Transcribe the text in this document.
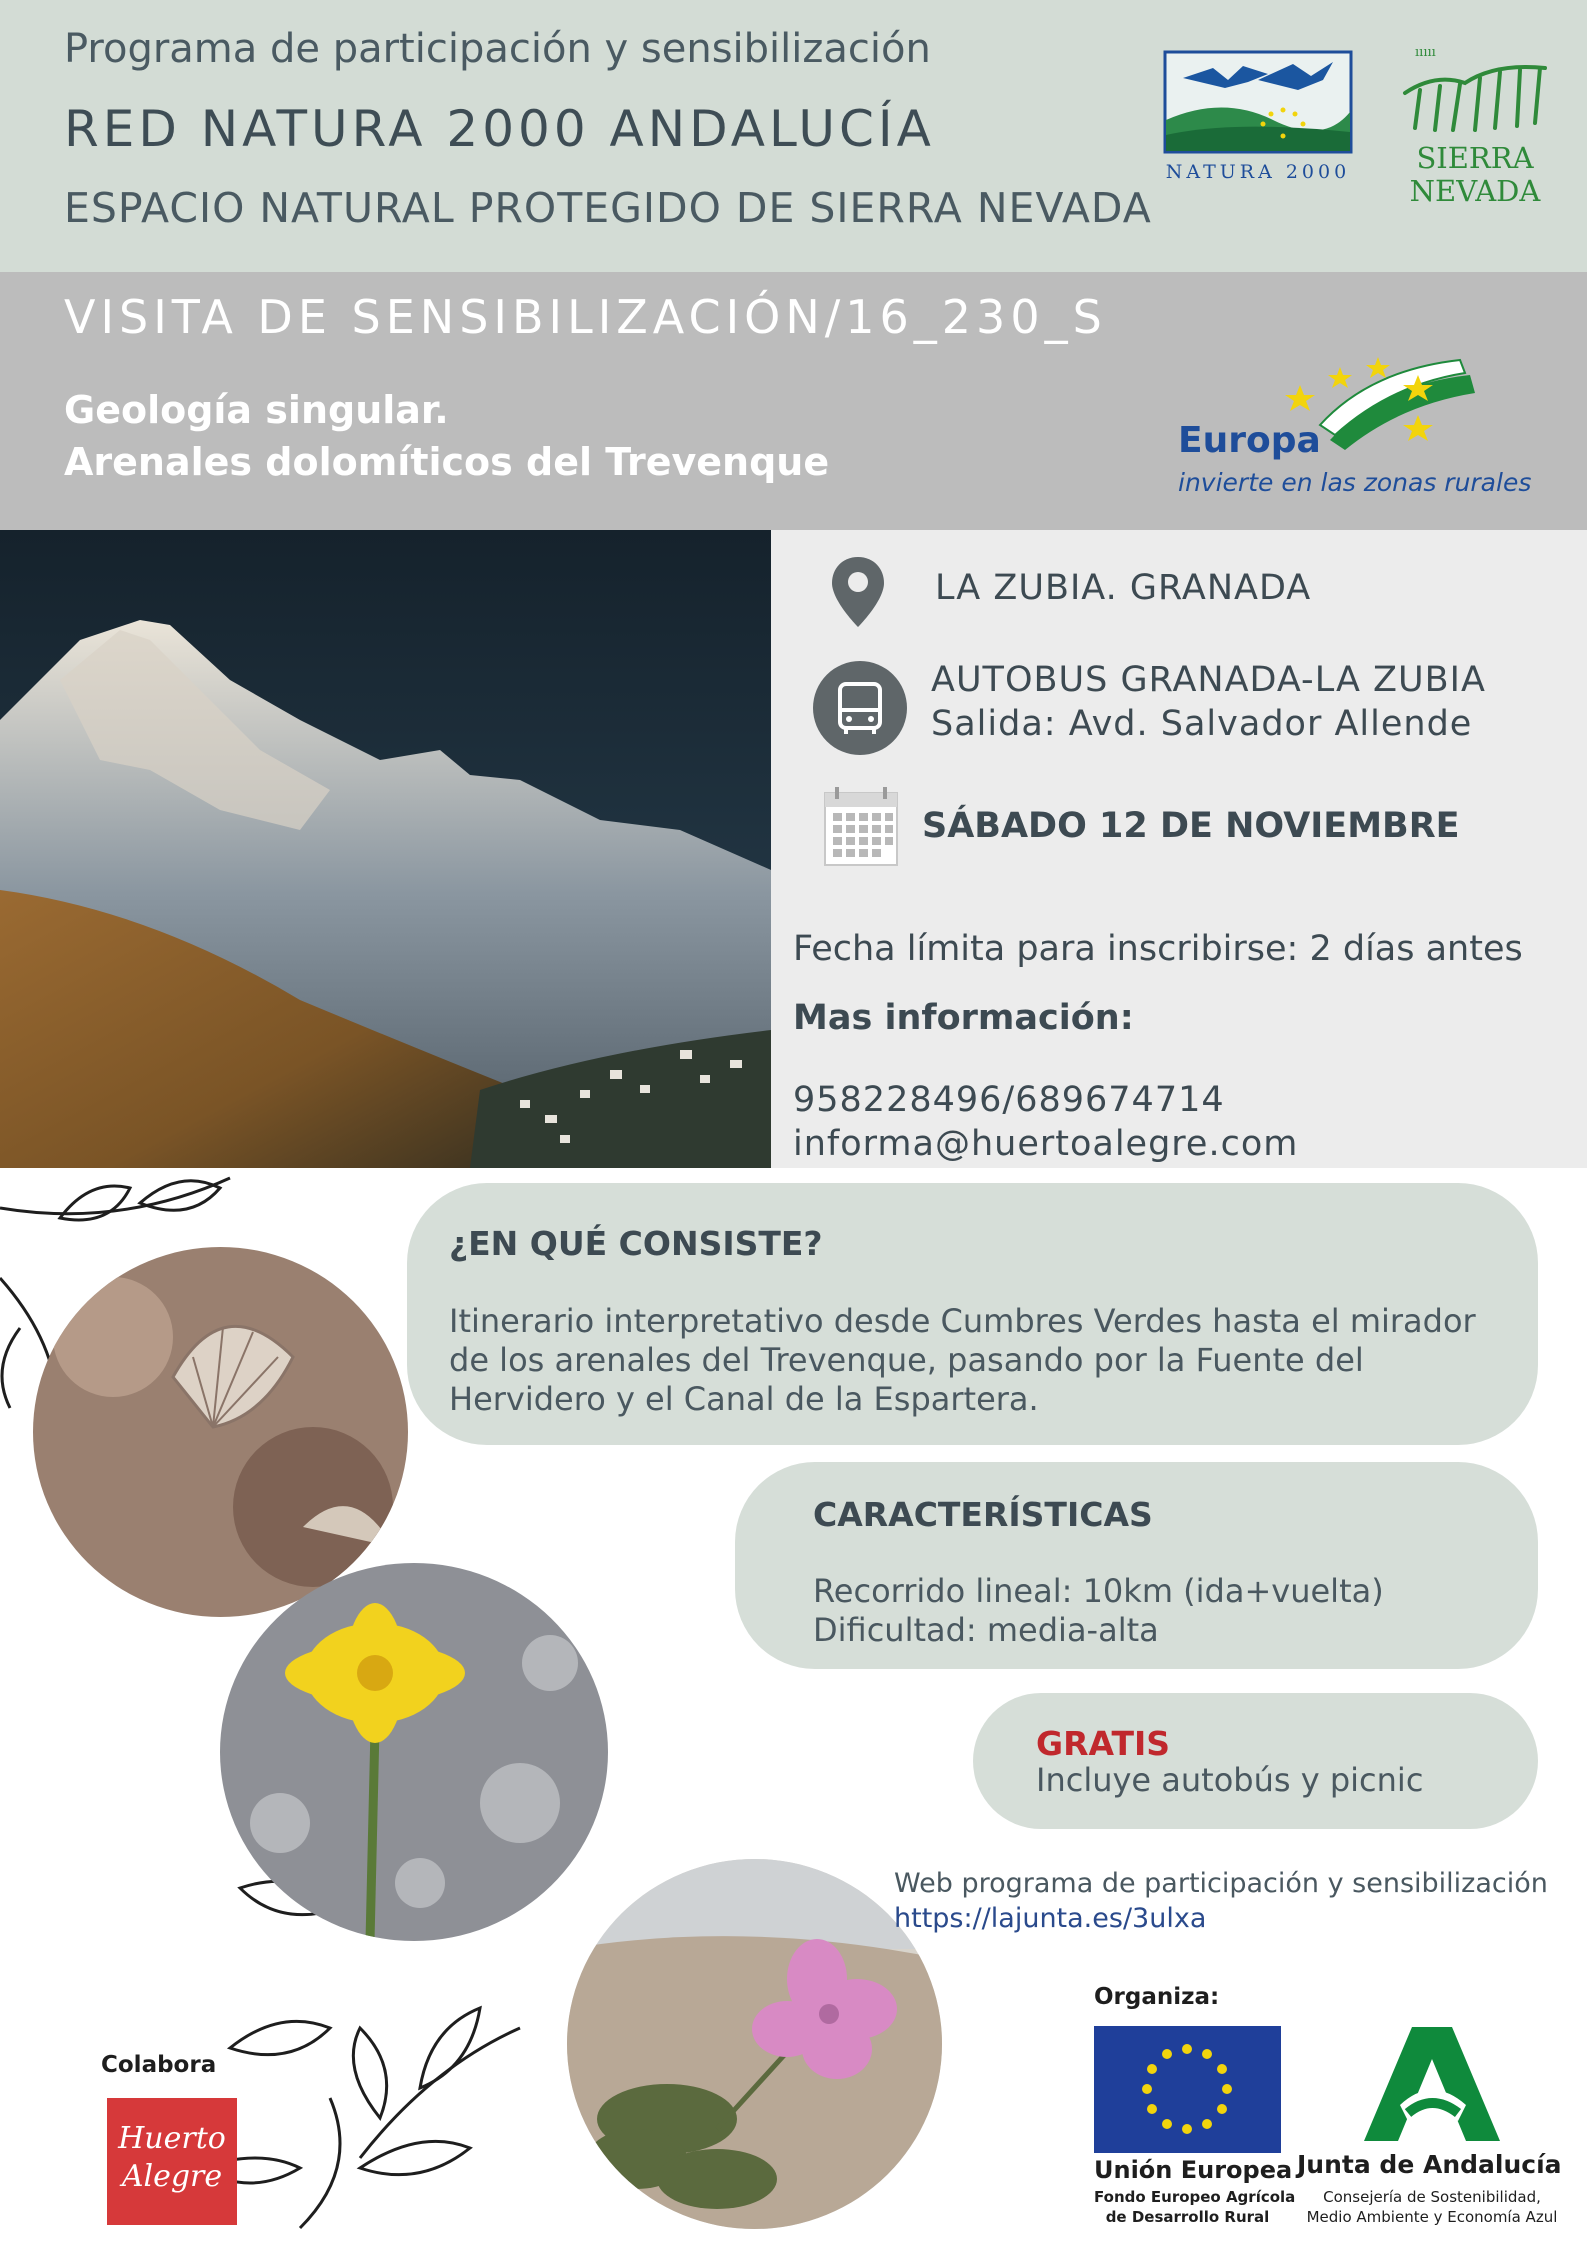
Programa de participación y sensibilización
RED NATURA 2000 ANDALUCÍA
ESPACIO NATURAL PROTEGIDO DE SIERRA NEVADA
NATURA 2000
ııııı
SIERRA
NEVADA
VISITA DE SENSIBILIZACIÓN/16_230_S
Geología singular.
Arenales dolomíticos del Trevenque	Europa
invierte en las zonas rurales
LA ZUBIA. GRANADA
AUTOBUS GRANADA-LA ZUBIA
Salida: Avd. Salvador Allende
SÁBADO 12 DE NOVIEMBRE
Fecha límita para inscribirse: 2 días antes
Mas información:
958228496/689674714
informa@huertoalegre.com
¿EN QUÉ CONSISTE?
Itinerario interpretativo desde Cumbres Verdes hasta el mirador de los arenales del Trevenque, pasando por la Fuente del Hervidero y el Canal de la Espartera.
CARACTERÍSTICAS
Recorrido lineal: 10km (ida+vuelta)
Dificultad: media-alta
GRATIS
Incluye autobús y picnic
Web programa de participación y sensibilización
https://lajunta.es/3ulxa
Colabora
Huerto
Alegre
Organiza:
Unión Europea
Fondo Europeo Agrícola
de Desarrollo Rural
Junta de Andalucía
Consejería de Sostenibilidad,
Medio Ambiente y Economía Azul
